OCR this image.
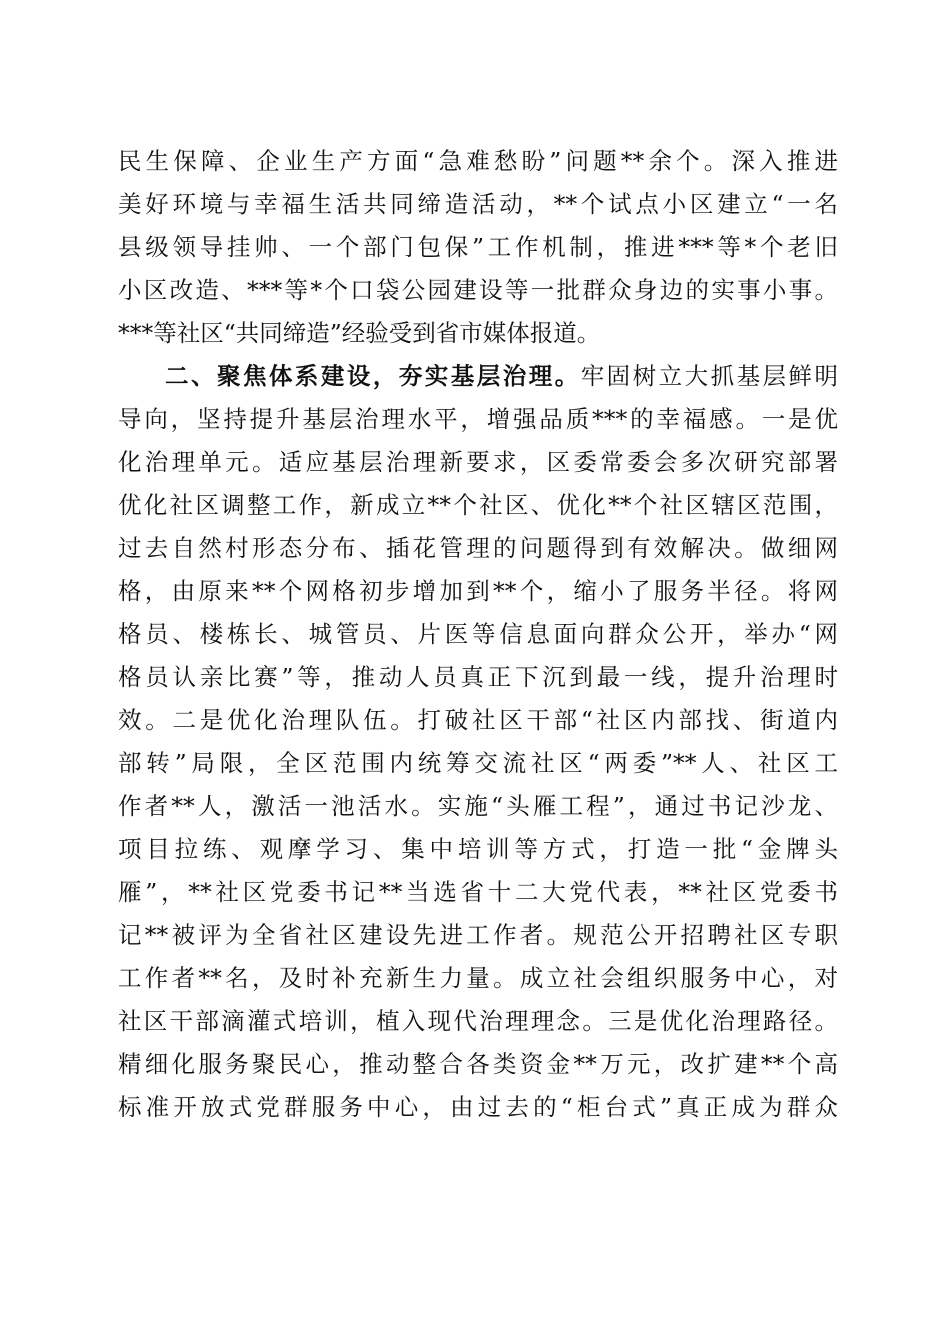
民生保障、企业生产方面“急难愁盼”问题**余个。深入推进
美好环境与幸福生活共同缔造活动，**个试点小区建立“一名
县级领导挂帅、一个部门包保”工作机制，推进***等*个老旧
小区改造、***等*个口袋公园建设等一批群众身边的实事小事。
***等社区“共同缔造”经验受到省市媒体报道。
二、聚焦体系建设，夯实基层治理。牢固树立大抓基层鲜明
导向，坚持提升基层治理水平，增强品质***的幸福感。一是优
化治理单元。适应基层治理新要求，区委常委会多次研究部署
优化社区调整工作，新成立**个社区、优化**个社区辖区范围，
过去自然村形态分布、插花管理的问题得到有效解决。做细网
格，由原来**个网格初步增加到**个，缩小了服务半径。将网
格员、楼栋长、城管员、片医等信息面向群众公开，举办“网
格员认亲比赛”等，推动人员真正下沉到最一线，提升治理时
效。二是优化治理队伍。打破社区干部“社区内部找、街道内
部转”局限，全区范围内统筹交流社区“两委”**人、社区工
作者**人，激活一池活水。实施“头雁工程”，通过书记沙龙、
项目拉练、观摩学习、集中培训等方式，打造一批“金牌头
雁”，**社区党委书记**当选省十二大党代表，**社区党委书
记**被评为全省社区建设先进工作者。规范公开招聘社区专职
工作者**名，及时补充新生力量。成立社会组织服务中心，对
社区干部滴灌式培训，植入现代治理理念。三是优化治理路径。
精细化服务聚民心，推动整合各类资金**万元，改扩建**个高
标准开放式党群服务中心，由过去的“柜台式”真正成为群众
